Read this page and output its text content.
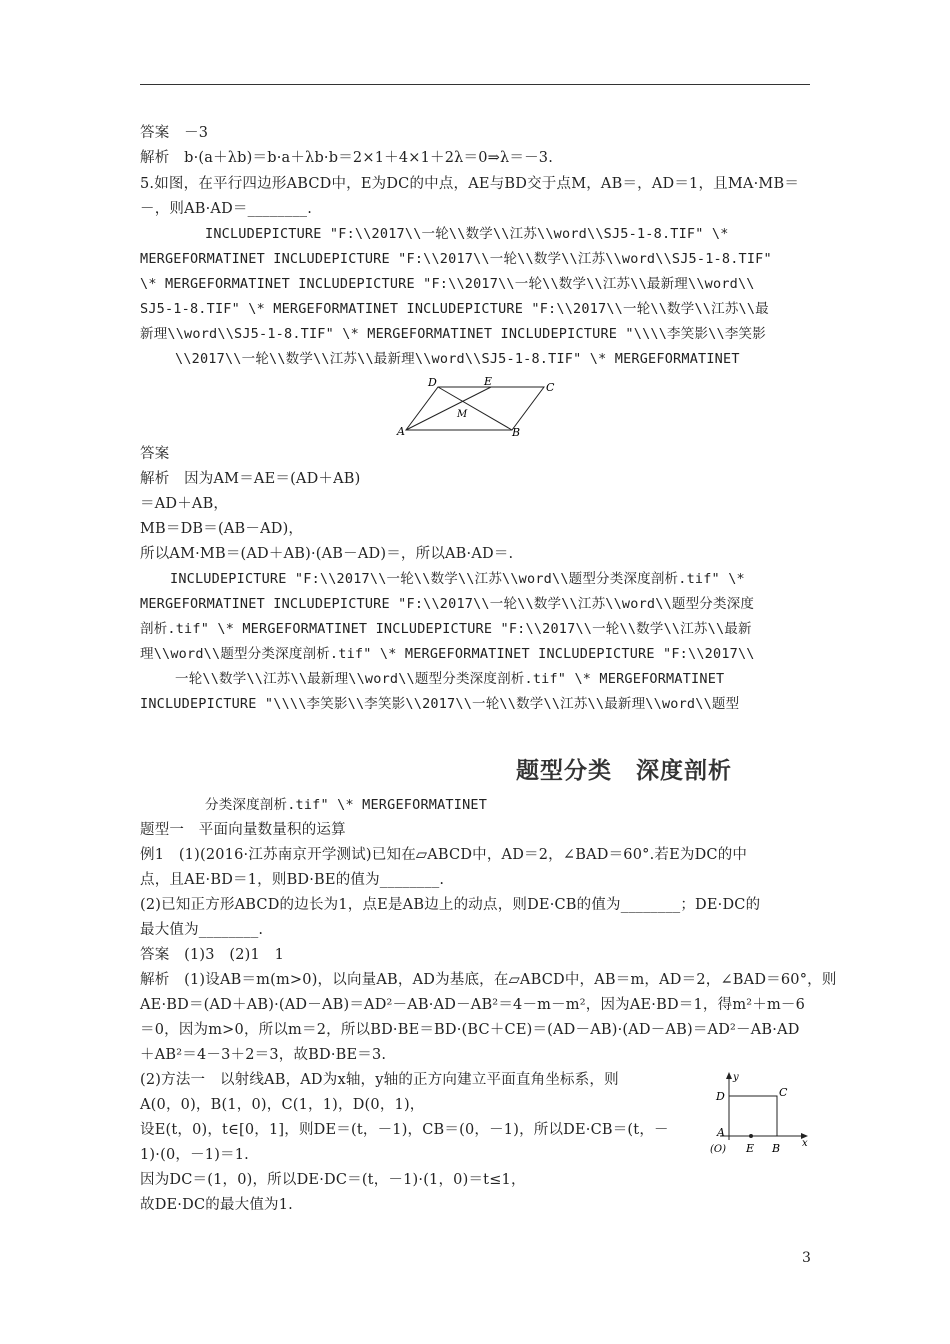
答案　－3
解析　b·(a＋λb)＝b·a＋λb·b＝2×1＋4×1＋2λ＝0⇒λ＝－3.
5.如图，在平行四边形ABCD中，E为DC的中点，AE与BD交于点M，AB＝，AD＝1，且MA·MB＝
－，则AB·AD＝________.
INCLUDEPICTURE "F:\\2017\\一轮\\数学\\江苏\\word\\SJ5-1-8.TIF" \*
MERGEFORMATINET INCLUDEPICTURE "F:\\2017\\一轮\\数学\\江苏\\word\\SJ5-1-8.TIF"
\* MERGEFORMATINET INCLUDEPICTURE "F:\\2017\\一轮\\数学\\江苏\\最新理\\word\\
SJ5-1-8.TIF" \* MERGEFORMATINET INCLUDEPICTURE "F:\\2017\\一轮\\数学\\江苏\\最
新理\\word\\SJ5-1-8.TIF" \* MERGEFORMATINET INCLUDEPICTURE "\\\\李笑影\\李笑影
\\2017\\一轮\\数学\\江苏\\最新理\\word\\SJ5-1-8.TIF" \* MERGEFORMATINET
D	E	C
M
A	B
答案
解析　因为AM＝AE＝(AD＋AB)
＝AD＋AB，
MB＝DB＝(AB－AD)，
所以AM·MB＝(AD＋AB)·(AB－AD)＝，所以AB·AD＝.
INCLUDEPICTURE "F:\\2017\\一轮\\数学\\江苏\\word\\题型分类深度剖析.tif" \*
MERGEFORMATINET INCLUDEPICTURE "F:\\2017\\一轮\\数学\\江苏\\word\\题型分类深度
剖析.tif" \* MERGEFORMATINET INCLUDEPICTURE "F:\\2017\\一轮\\数学\\江苏\\最新
理\\word\\题型分类深度剖析.tif" \* MERGEFORMATINET INCLUDEPICTURE "F:\\2017\\
一轮\\数学\\江苏\\最新理\\word\\题型分类深度剖析.tif" \* MERGEFORMATINET
INCLUDEPICTURE "\\\\李笑影\\李笑影\\2017\\一轮\\数学\\江苏\\最新理\\word\\题型
题型分类　深度剖析
分类深度剖析.tif" \* MERGEFORMATINET
题型一　平面向量数量积的运算
例1　(1)(2016·江苏南京开学测试)已知在▱ABCD中，AD＝2，∠BAD＝60°.若E为DC的中
点，且AE·BD＝1，则BD·BE的值为________.
(2)已知正方形ABCD的边长为1，点E是AB边上的动点，则DE·CB的值为________；DE·DC的
最大值为________.
答案　(1)3　(2)1　1
解析　(1)设AB＝m(m>0)，以向量AB，AD为基底，在▱ABCD中，AB＝m，AD＝2，∠BAD＝60°，则
AE·BD＝(AD＋AB)·(AD－AB)＝AD²－AB·AD－AB²＝4－m－m²，因为AE·BD＝1，得m²＋m－6
＝0，因为m>0，所以m＝2，所以BD·BE＝BD·(BC＋CE)＝(AD－AB)·(AD－AB)＝AD²－AB·AD
＋AB²＝4－3＋2＝3，故BD·BE＝3.
(2)方法一　以射线AB，AD为x轴，y轴的正方向建立平面直角坐标系，则
A(0，0)，B(1，0)，C(1，1)，D(0，1)，
设E(t，0)，t∈[0，1]，则DE＝(t，－1)，CB＝(0，－1)，所以DE·CB＝(t，－
1)·(0，－1)＝1.
因为DC＝(1，0)，所以DE·DC＝(t，－1)·(1，0)＝t≤1，
故DE·DC的最大值为1.
y
x
D	C
A
(O) E B
3
